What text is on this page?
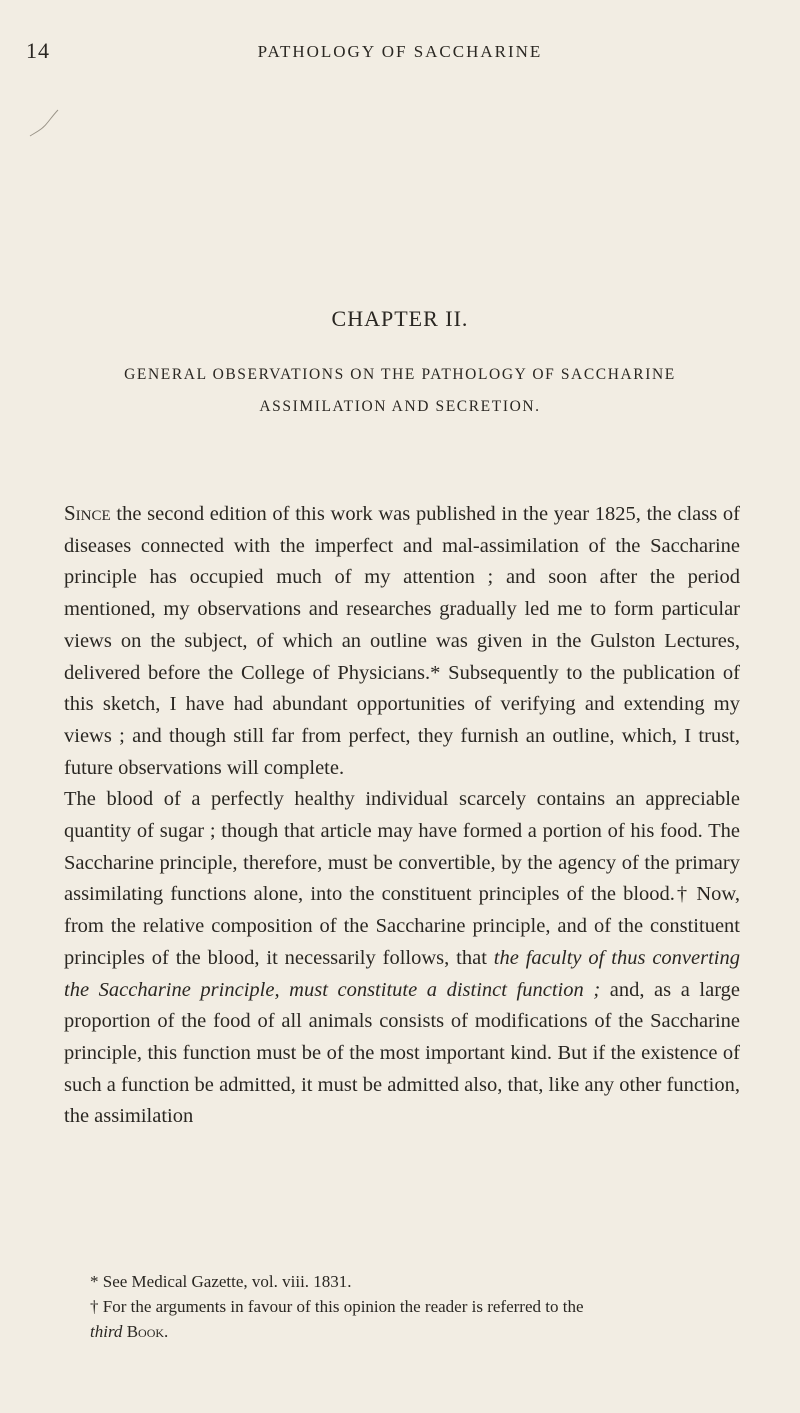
14	PATHOLOGY OF SACCHARINE
CHAPTER II.
GENERAL OBSERVATIONS ON THE PATHOLOGY OF SACCHARINE
ASSIMILATION AND SECRETION.

Since the second edition of this work was published in the year 1825, the class of diseases connected with the imperfect and mal-assimilation of the Saccharine principle has occupied much of my attention ; and soon after the period mentioned, my observations and researches gradually led me to form particular views on the subject, of which an outline was given in the Gulston Lectures, delivered before the College of Physicians.* Subsequently to the publication of this sketch, I have had abundant opportunities of verifying and extending my views ; and though still far from perfect, they furnish an outline, which, I trust, future observations will complete.

The blood of a perfectly healthy individual scarcely contains an appreciable quantity of sugar ; though that article may have formed a portion of his food. The Saccharine principle, therefore, must be convertible, by the agency of the primary assimilating functions alone, into the constituent principles of the blood.† Now, from the relative composition of the Saccharine principle, and of the constituent principles of the blood, it necessarily follows, that the faculty of thus converting the Saccharine principle, must constitute a distinct function ; and, as a large proportion of the food of all animals consists of modifications of the Saccharine principle, this function must be of the most important kind. But if the existence of such a function be admitted, it must be admitted also, that, like any other function, the assimilation

* See Medical Gazette, vol. viii. 1831.

† For the arguments in favour of this opinion the reader is referred to the
third Book.
